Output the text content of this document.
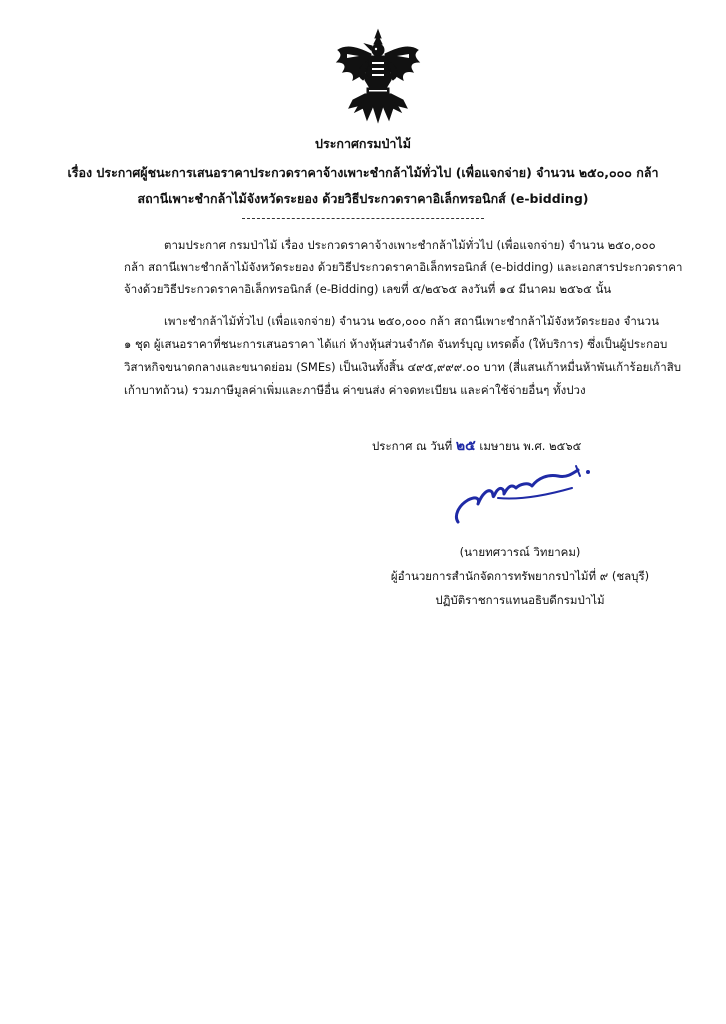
ประกาศกรมป่าไม้
เรื่อง ประกาศผู้ชนะการเสนอราคาประกวดราคาจ้างเพาะชำกล้าไม้ทั่วไป (เพื่อแจกจ่าย) จำนวน ๒๕๐,๐๐๐ กล้า
สถานีเพาะชำกล้าไม้จังหวัดระยอง ด้วยวิธีประกวดราคาอิเล็กทรอนิกส์ (e-bidding)
ตามประกาศ กรมป่าไม้ เรื่อง ประกวดราคาจ้างเพาะชำกล้าไม้ทั่วไป (เพื่อแจกจ่าย) จำนวน ๒๕๐,๐๐๐
กล้า สถานีเพาะชำกล้าไม้จังหวัดระยอง ด้วยวิธีประกวดราคาอิเล็กทรอนิกส์ (e-bidding) และเอกสารประกวดราคา
จ้างด้วยวิธีประกวดราคาอิเล็กทรอนิกส์ (e-Bidding) เลขที่ ๕/๒๕๖๕ ลงวันที่ ๑๔ มีนาคม ๒๕๖๕ นั้น
เพาะชำกล้าไม้ทั่วไป (เพื่อแจกจ่าย) จำนวน ๒๕๐,๐๐๐ กล้า สถานีเพาะชำกล้าไม้จังหวัดระยอง จำนวน
๑ ชุด ผู้เสนอราคาที่ชนะการเสนอราคา ได้แก่ ห้างหุ้นส่วนจำกัด จันทร์บุญ เทรดดิ้ง (ให้บริการ) ซึ่งเป็นผู้ประกอบ
วิสาหกิจขนาดกลางและขนาดย่อม (SMEs) เป็นเงินทั้งสิ้น ๔๙๕,๙๙๙.๐๐ บาท (สี่แสนเก้าหมื่นห้าพันเก้าร้อยเก้าสิบ
เก้าบาทถ้วน) รวมภาษีมูลค่าเพิ่มและภาษีอื่น ค่าขนส่ง ค่าจดทะเบียน และค่าใช้จ่ายอื่นๆ ทั้งปวง
ประกาศ ณ วันที่ ๒๕ เมษายน พ.ศ. ๒๕๖๕
(นายทศวารณ์ วิทยาคม)
ผู้อำนวยการสำนักจัดการทรัพยากรป่าไม้ที่ ๙ (ชลบุรี)
ปฏิบัติราชการแทนอธิบดีกรมป่าไม้
